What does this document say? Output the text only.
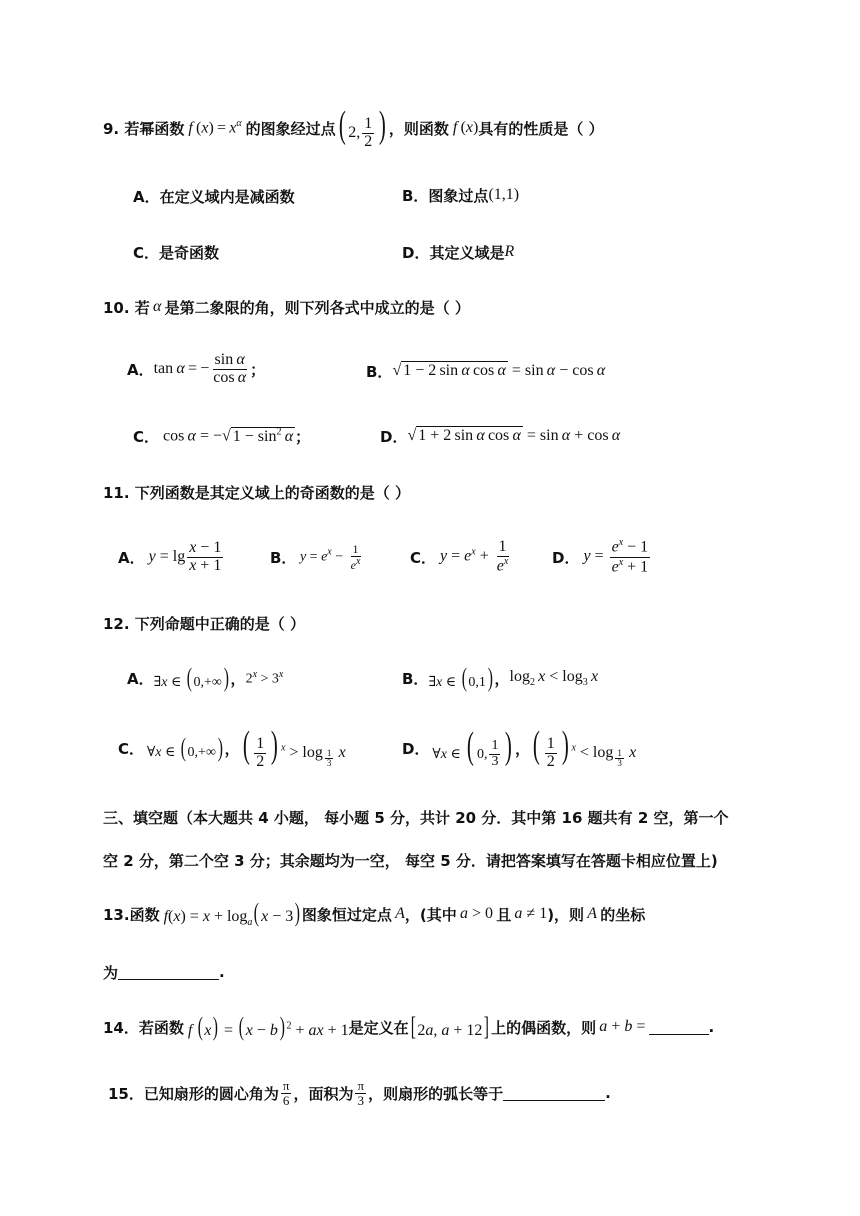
9. 若幂函数 f $(x) = x^\alpha$ 的图象经过点 ( 2, $\frac{1}{2}$ ) ，则函数 f (x) 具有的性质是（ ）
A．在定义域内是减函数	B．图象过点 (1,1)
C．是奇函数	D．其定义域是 R
10. 若
  α  是第二象限的角，则下列各式中成立的是（ ）
A． tan α = − $\frac{\text{sin α}}{\text{cos α}}$ ；	B． √ 1 − 2 sin α cos α = sin α − cos α
C． cos α = −√ $1 - \sin^2 \alpha$ ；	D． √ 1 + 2 sin α cos α = sin α + cos α
11. 下列函数是其定义域上的奇函数的是（ ）
A． $y = \lg \frac{x - 1}{x + 1}$	B． $y = e^x - \frac{1}{e^x}$	C． $y = e^x + \frac{1}{e^x}$	D． $y = \frac{e^x - 1}{e^x + 1}$
12. 下列命题中正确的是（ ）
A． ∃x ∈ ( 0,+∞) ， $2^x > 3^x$	B． ∃x ∈ ( 0,1) ， $\log_2 x < \log_3 x$
C．  ∀x ∈ ( 0,+∞) ， ( $\frac{1}{2}$ ) $^x$ > log $_{\frac{1}{3}}$
  x	D．  ∀x ∈ ( 0, $\frac{1}{3}$ ) ， ( $\frac{1}{2}$ ) $^x$ < log $_{\frac{1}{3}}$
  x
三、填空题（本大题共 4 小题， 每小题 5 分，共计 20 分．其中第 16 题共有 2 空，第一个
空 2 分，第二个空 3 分；其余题均为一空， 每空 5 分．请把答案填写在答题卡相应位置上)
13.函数 $f(x) = x + \log_a$( x − 3) 图象恒过定点
  A ，(其中
  a > 0  且
  a ≠ 1 )，则
  A  的坐标
为	.
14．若函数 f  ( x) = ( x − b) $^2$ + ax + 1 是定义在 [ 2a, a + 12] 上的偶函数，则
  a + b = 	.
15．已知扇形的圆心角为 $\frac{\pi}{6}$ ，面积为 $\frac{\pi}{3}$ ，则扇形的弧长等于	.
